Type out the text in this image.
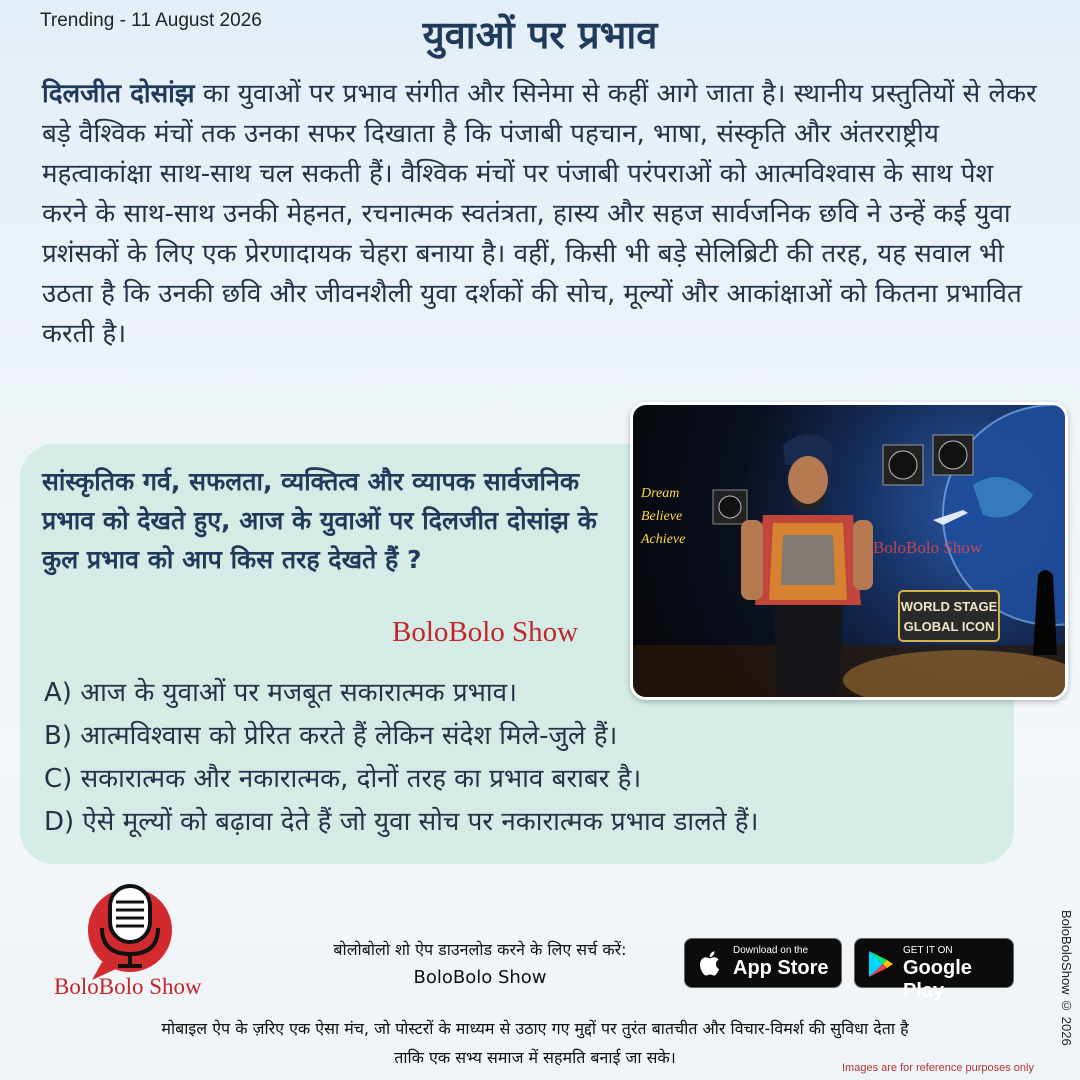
Trending - 11 August 2026	युवाओं पर प्रभाव
दिलजीत दोसांझ का युवाओं पर प्रभाव संगीत और सिनेमा से कहीं आगे जाता है। स्थानीय प्रस्तुतियों से लेकर बड़े वैश्विक मंचों तक उनका सफर दिखाता है कि पंजाबी पहचान, भाषा, संस्कृति और अंतरराष्ट्रीय महत्वाकांक्षा साथ-साथ चल सकती हैं। वैश्विक मंचों पर पंजाबी परंपराओं को आत्मविश्वास के साथ पेश करने के साथ-साथ उनकी मेहनत, रचनात्मक स्वतंत्रता, हास्य और सहज सार्वजनिक छवि ने उन्हें कई युवा प्रशंसकों के लिए एक प्रेरणादायक चेहरा बनाया है। वहीं, किसी भी बड़े सेलिब्रिटी की तरह, यह सवाल भी उठता है कि उनकी छवि और जीवनशैली युवा दर्शकों की सोच, मूल्यों और आकांक्षाओं को कितना प्रभावित करती है।
सांस्कृतिक गर्व, सफलता, व्यक्तित्व और व्यापक सार्वजनिक प्रभाव को देखते हुए, आज के युवाओं पर दिलजीत दोसांझ के कुल प्रभाव को आप किस तरह देखते हैं ?
BoloBolo Show
Dream
Believe
Achieve
WORLD STAGE
GLOBAL ICON
BoloBolo Show
A) आज के युवाओं पर मजबूत सकारात्मक प्रभाव।
B) आत्मविश्वास को प्रेरित करते हैं लेकिन संदेश मिले-जुले हैं।
C) सकारात्मक और नकारात्मक, दोनों तरह का प्रभाव बराबर है।
D) ऐसे मूल्यों को बढ़ावा देते हैं जो युवा सोच पर नकारात्मक प्रभाव डालते हैं।
BoloBolo Show
बोलोबोलो शो ऐप डाउनलोड करने के लिए सर्च करें:
BoloBolo Show
Download on the
App Store
GET IT ON
Google Play
मोबाइल ऐप के ज़रिए एक ऐसा मंच, जो पोस्टरों के माध्यम से उठाए गए मुद्दों पर तुरंत बातचीत और विचार-विमर्श की सुविधा देता है
ताकि एक सभ्य समाज में सहमति बनाई जा सके।
BoloBoloShow © 2026
Images are for reference purposes only
